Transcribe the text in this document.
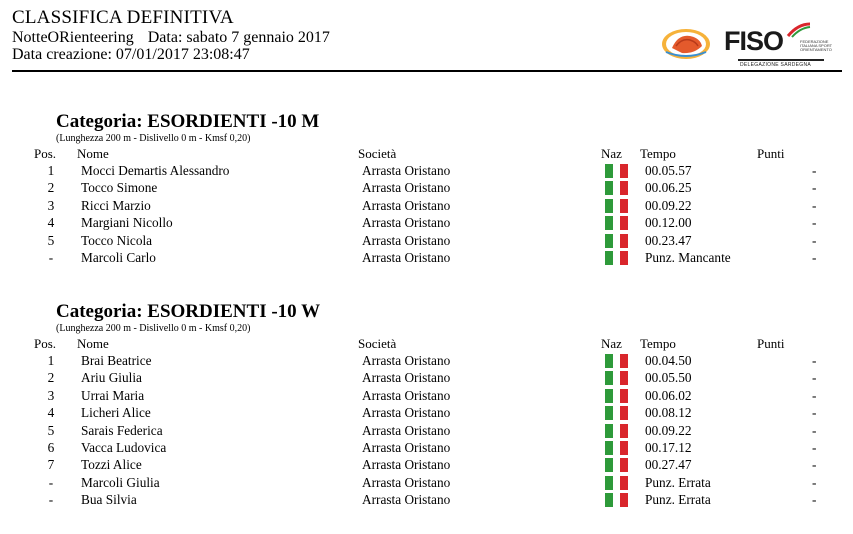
CLASSIFICA DEFINITIVA
NotteORienteering Data: sabato 7 gennaio 2017
Data creazione: 07/01/2017 23:08:47	FISO	FEDERAZIONE ITALIANA SPORT ORIENTAMENTO
DELEGAZIONE SARDEGNA
Categoria: ESORDIENTI -10 M
(Lunghezza 200 m - Dislivello 0 m - Kmsf 0,20)
Pos. Nome	Società	Naz Tempo	Punti
1	Mocci Demartis Alessandro	Arrasta Oristano	00.05.57	-
2	Tocco Simone	Arrasta Oristano	00.06.25	-
3	Ricci Marzio	Arrasta Oristano	00.09.22	-
4	Margiani Nicollo	Arrasta Oristano	00.12.00	-
5	Tocco Nicola	Arrasta Oristano	00.23.47	-
-	Marcoli Carlo	Arrasta Oristano	Punz. Mancante	-
Categoria: ESORDIENTI -10 W
(Lunghezza 200 m - Dislivello 0 m - Kmsf 0,20)
Pos. Nome	Società	Naz Tempo	Punti
1	Brai Beatrice	Arrasta Oristano	00.04.50	-
2	Ariu Giulia	Arrasta Oristano	00.05.50	-
3	Urrai Maria	Arrasta Oristano	00.06.02	-
4	Licheri Alice	Arrasta Oristano	00.08.12	-
5	Sarais Federica	Arrasta Oristano	00.09.22	-
6	Vacca Ludovica	Arrasta Oristano	00.17.12	-
7	Tozzi Alice	Arrasta Oristano	00.27.47	-
-	Marcoli Giulia	Arrasta Oristano	Punz. Errata	-
-	Bua Silvia	Arrasta Oristano	Punz. Errata	-
